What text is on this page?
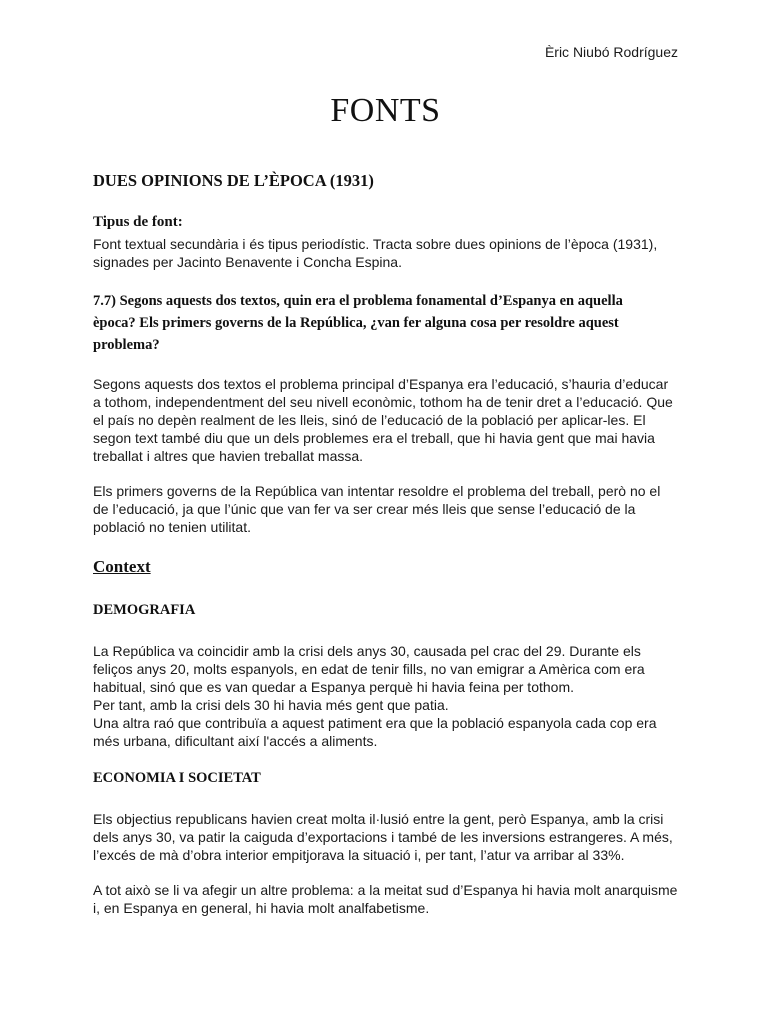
Èric Niubó Rodríguez
FONTS
DUES OPINIONS DE L’ÈPOCA (1931)
Tipus de font:

Font textual secundària i és tipus periodístic. Tracta sobre dues opinions de l’època (1931), signades per Jacinto Benavente i Concha Espina.

7.7) Segons aquests dos textos, quin era el problema fonamental d’Espanya en aquella època? Els primers governs de la República, ¿van fer alguna cosa per resoldre aquest problema?

Segons aquests dos textos el problema principal d’Espanya era l’educació, s’hauria d’educar a tothom, independentment del seu nivell econòmic, tothom ha de tenir dret a l’educació. Que el país no depèn realment de les lleis, sinó de l’educació de la població per aplicar-les. El segon text també diu que un dels problemes era el treball, que hi havia gent que mai havia treballat i altres que havien treballat massa.

Els primers governs de la República van intentar resoldre el problema del treball, però no el de l’educació, ja que l’únic que van fer va ser crear més lleis que sense l’educació de la població no tenien utilitat.

Context
DEMOGRAFIA

La República va coincidir amb la crisi dels anys 30, causada pel crac del 29. Durante els feliços anys 20, molts espanyols, en edat de tenir fills, no van emigrar a Amèrica com era habitual, sinó que es van quedar a Espanya perquè hi havia feina per tothom.

Per tant, amb la crisi dels 30 hi havia més gent que patia.

Una altra raó que contribuïa a aquest patiment era que la població espanyola cada cop era més urbana, dificultant així l'accés a aliments.

ECONOMIA I SOCIETAT

Els objectius republicans havien creat molta il·lusió entre la gent, però Espanya, amb la crisi dels anys 30, va patir la caiguda d’exportacions i també de les inversions estrangeres. A més, l’excés de mà d’obra interior empitjorava la situació i, per tant, l’atur va arribar al 33%.

A tot això se li va afegir un altre problema: a la meitat sud d’Espanya hi havia molt anarquisme i, en Espanya en general, hi havia molt analfabetisme.
